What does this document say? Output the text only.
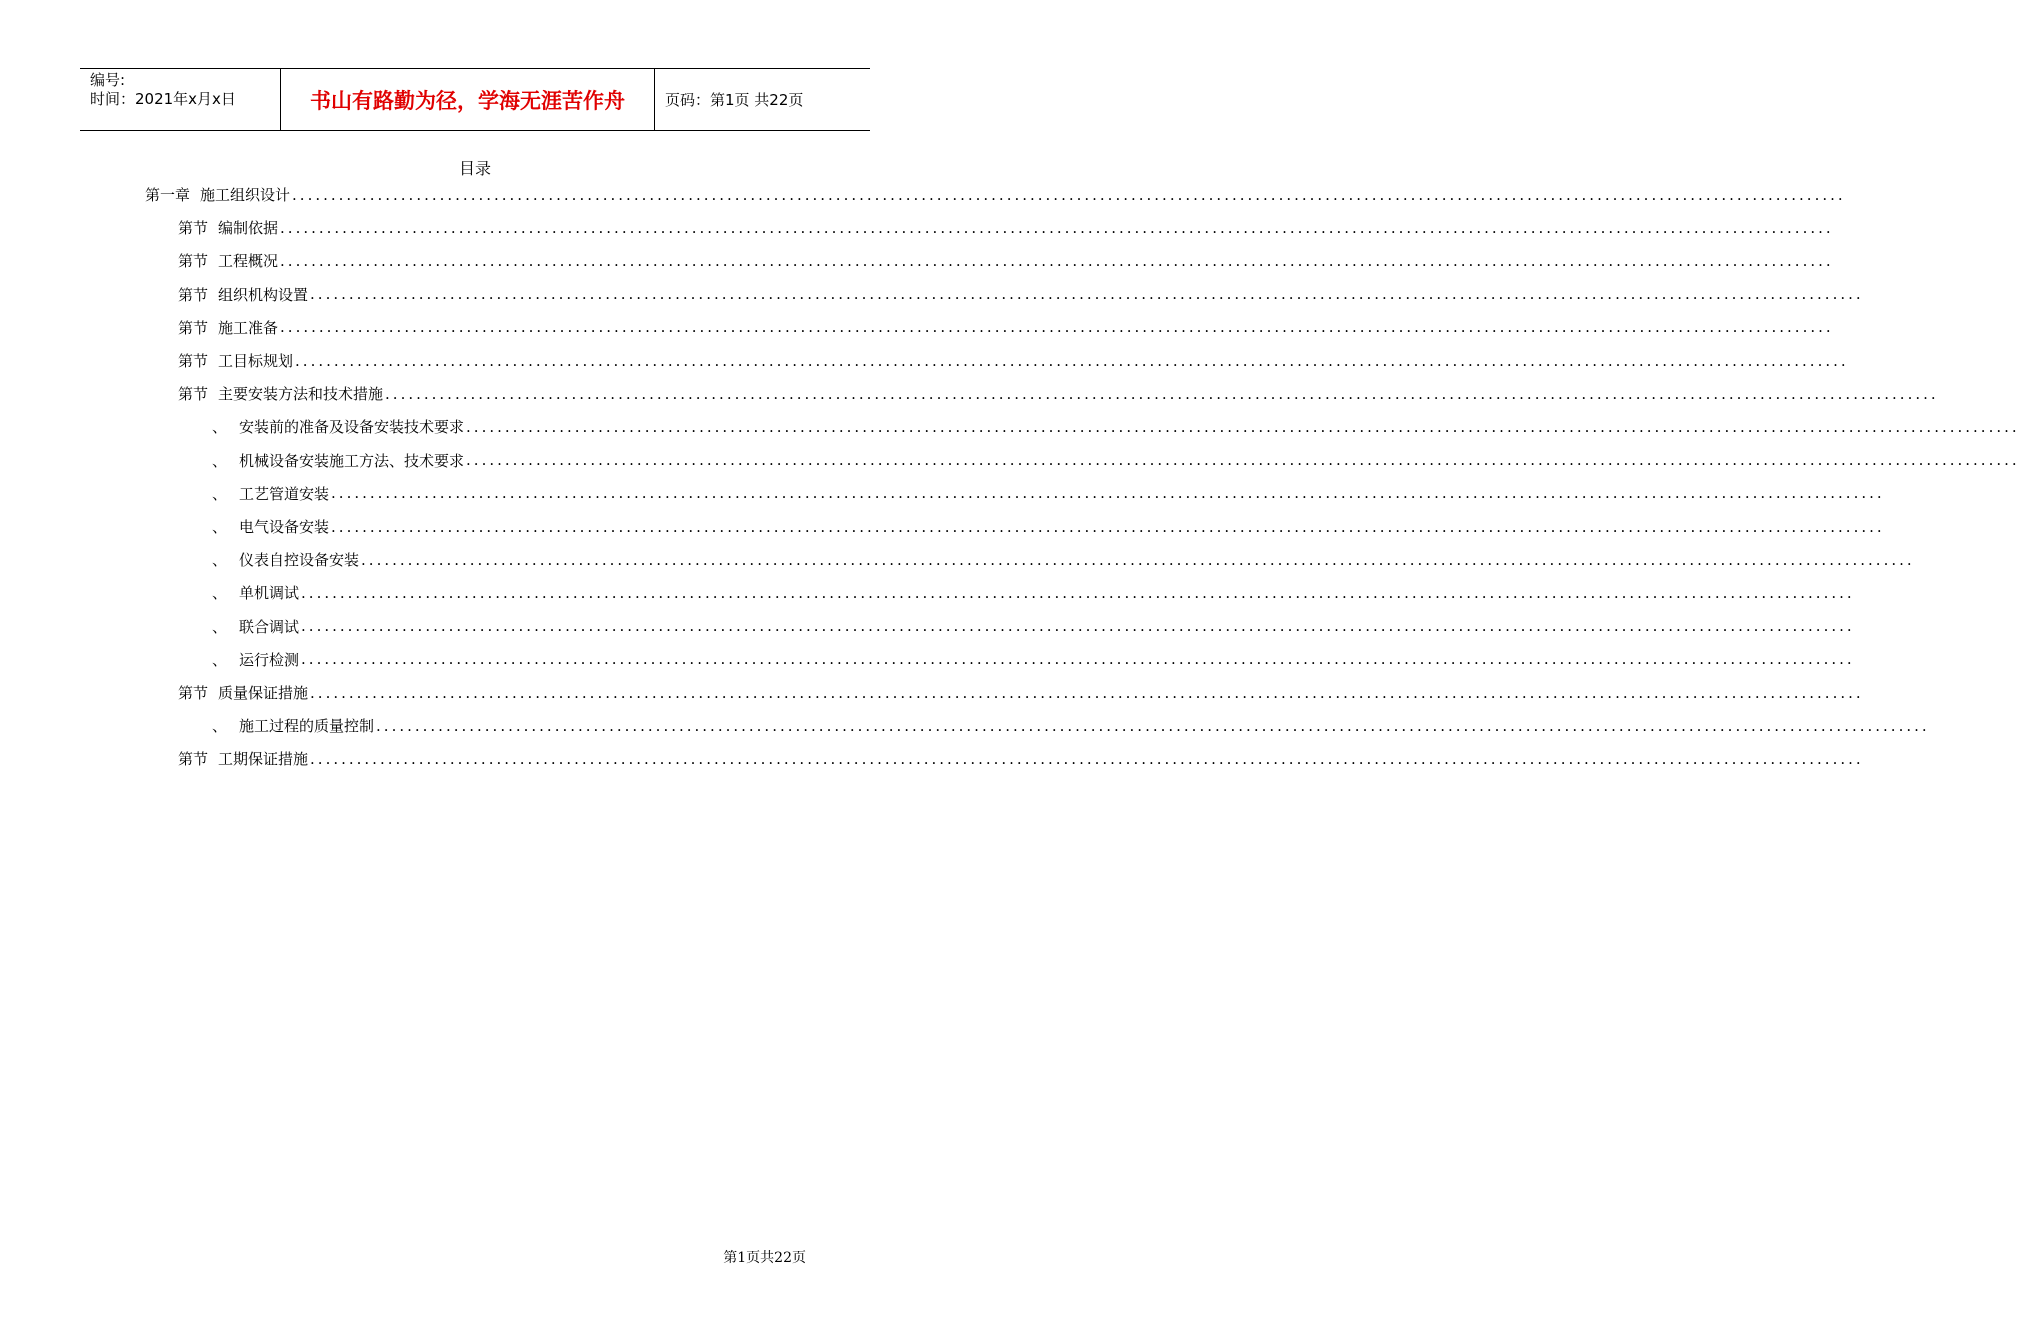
编号:
时间：2021年x月x日	书山有路勤为径，学海无涯苦作舟	页码：第1页 共22页
目录
第一章 施工组织设计 ........................................................................................................................................................................................................
第节 编制依据 ........................................................................................................................................................................................................
第节 工程概况 ........................................................................................................................................................................................................
第节 组织机构设置 ........................................................................................................................................................................................................
第节 施工准备 ........................................................................................................................................................................................................
第节 工目标规划 ........................................................................................................................................................................................................
第节 主要安装方法和技术措施 ........................................................................................................................................................................................................
、 安装前的准备及设备安装技术要求 ........................................................................................................................................................................................................
、 机械设备安装施工方法、技术要求 ........................................................................................................................................................................................................
、 工艺管道安装 ........................................................................................................................................................................................................
、 电气设备安装 ........................................................................................................................................................................................................
、 仪表自控设备安装 ........................................................................................................................................................................................................
、 单机调试 ........................................................................................................................................................................................................
、 联合调试 ........................................................................................................................................................................................................
、 运行检测 ........................................................................................................................................................................................................
第节 质量保证措施 ........................................................................................................................................................................................................
、 施工过程的质量控制 ........................................................................................................................................................................................................
第节 工期保证措施 ........................................................................................................................................................................................................
第1页共22页
